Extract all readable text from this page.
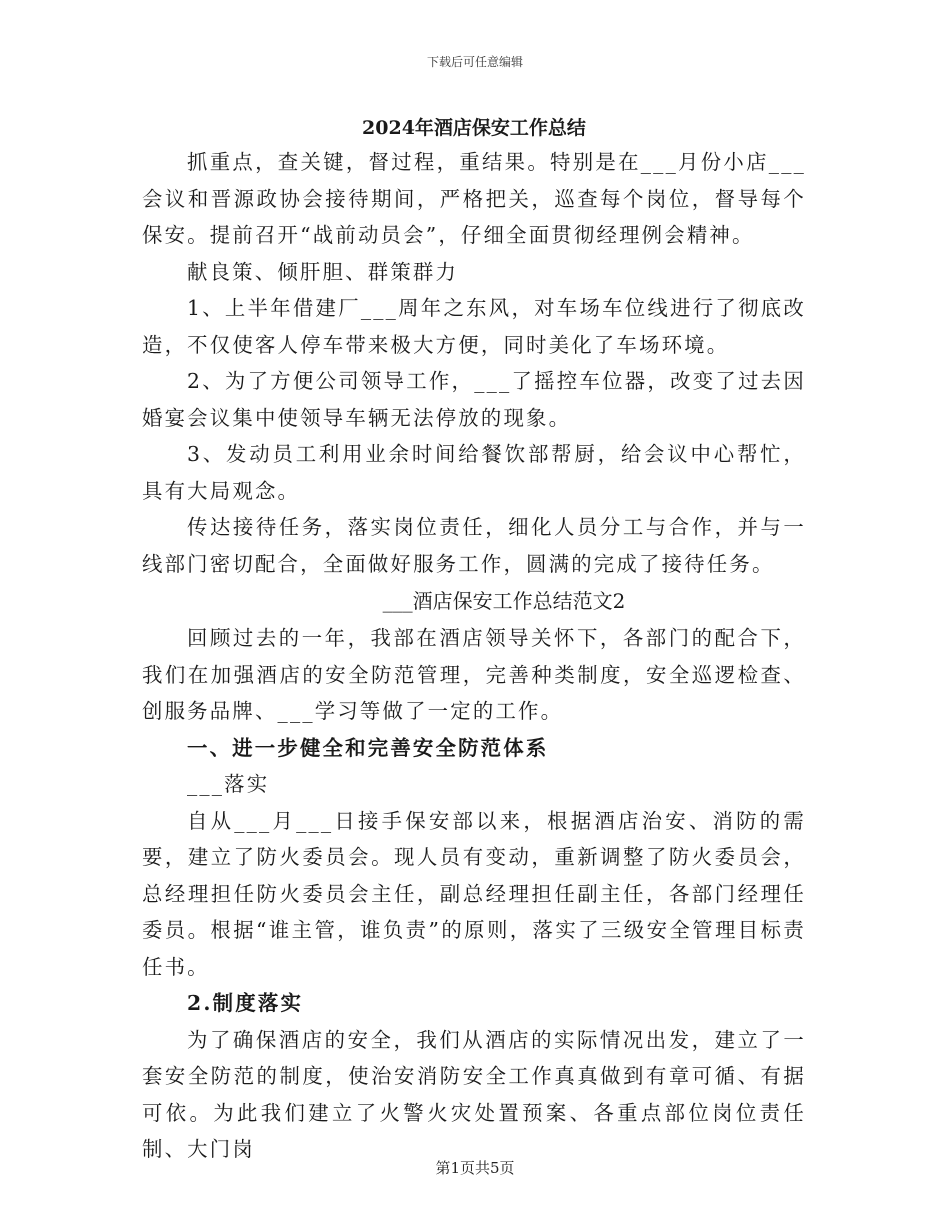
下载后可任意编辑
2024年酒店保安工作总结

抓重点，查关键，督过程，重结果。特别是在___月份小店___会议和晋源政协会接待期间，严格把关，巡查每个岗位，督导每个保安。提前召开“战前动员会”，仔细全面贯彻经理例会精神。

献良策、倾肝胆、群策群力

1、上半年借建厂___周年之东风，对车场车位线进行了彻底改造，不仅使客人停车带来极大方便，同时美化了车场环境。

2、为了方便公司领导工作，___了摇控车位器，改变了过去因婚宴会议集中使领导车辆无法停放的现象。

3、发动员工利用业余时间给餐饮部帮厨，给会议中心帮忙，具有大局观念。

传达接待任务，落实岗位责任，细化人员分工与合作，并与一线部门密切配合，全面做好服务工作，圆满的完成了接待任务。

___酒店保安工作总结范文2

回顾过去的一年，我部在酒店领导关怀下，各部门的配合下，我们在加强酒店的安全防范管理，完善种类制度，安全巡逻检查、创服务品牌、___学习等做了一定的工作。

一、进一步健全和完善安全防范体系

___落实

自从___月___日接手保安部以来，根据酒店治安、消防的需要，建立了防火委员会。现人员有变动，重新调整了防火委员会，总经理担任防火委员会主任，副总经理担任副主任，各部门经理任委员。根据“谁主管，谁负责”的原则，落实了三级安全管理目标责任书。

2.制度落实

为了确保酒店的安全，我们从酒店的实际情况出发，建立了一套安全防范的制度，使治安消防安全工作真真做到有章可循、有据可依。为此我们建立了火警火灾处置预案、各重点部位岗位责任制、大门岗

第1页共5页
